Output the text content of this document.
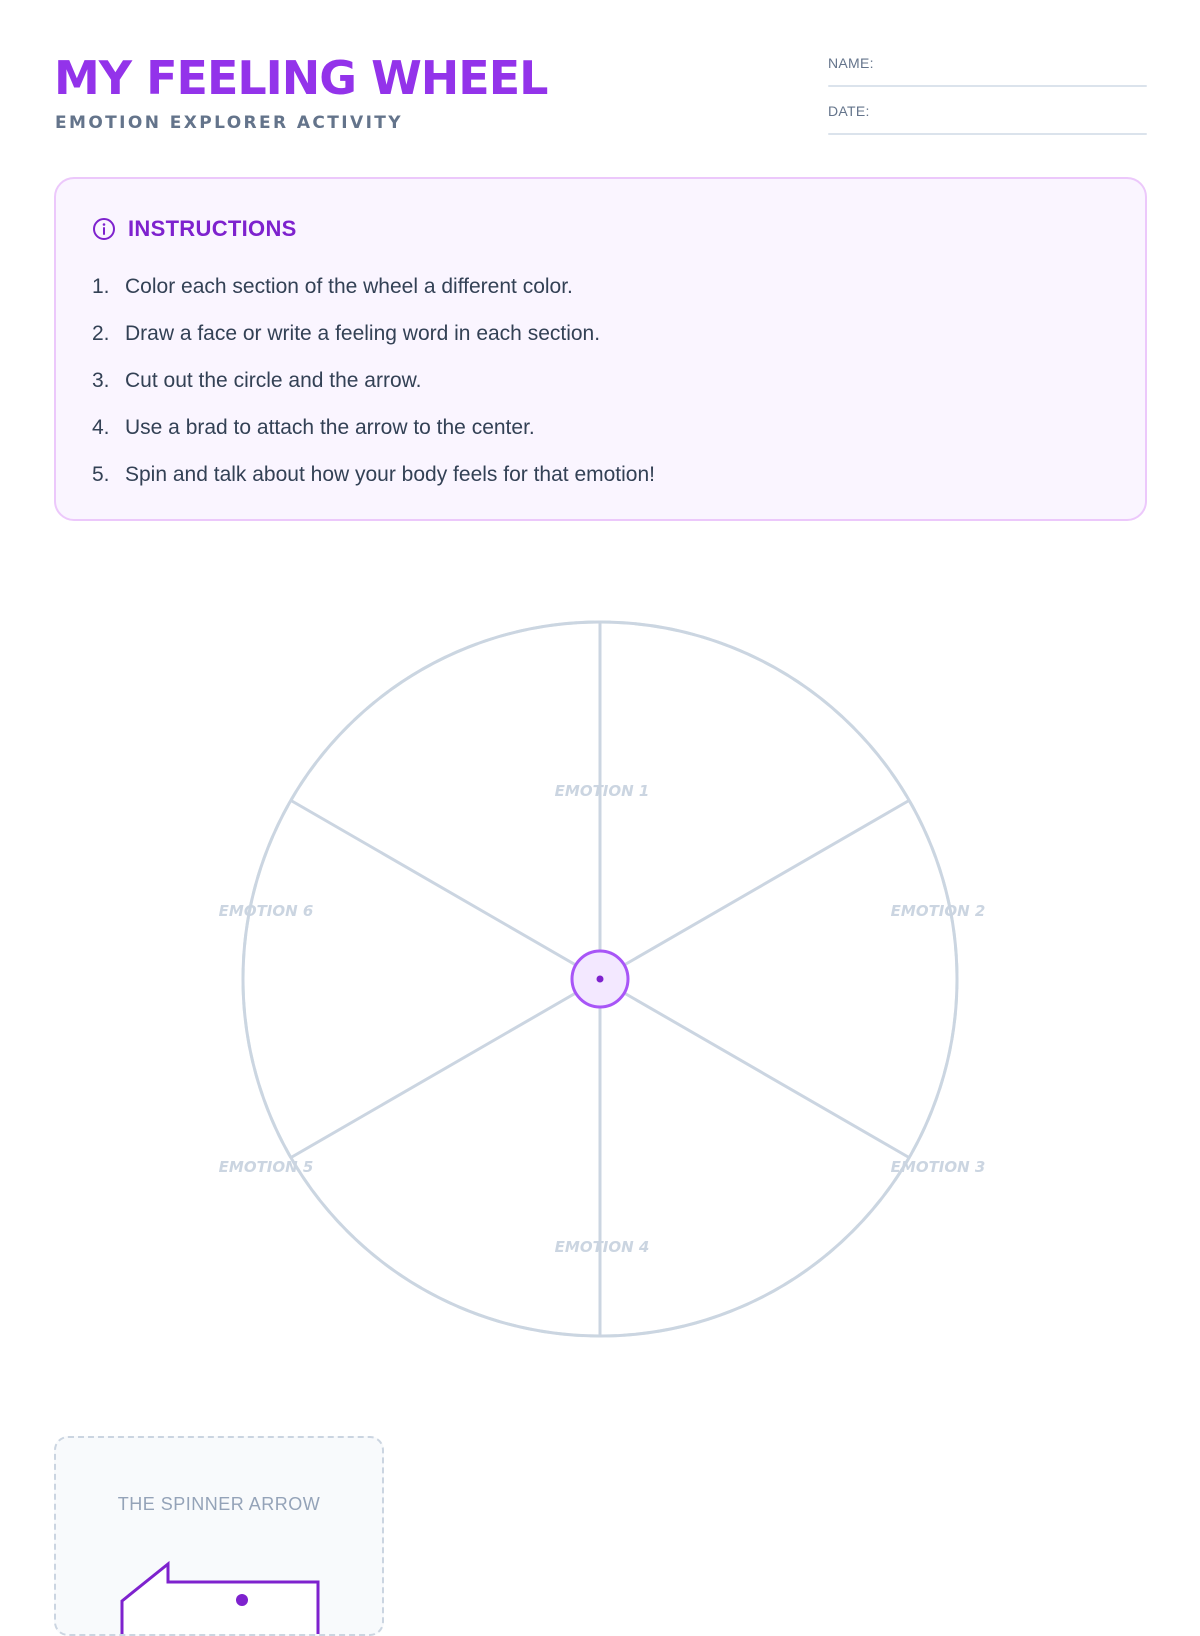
MY FEELING WHEEL
EMOTION EXPLORER ACTIVITY
NAME:
DATE:
INSTRUCTIONS
1. Color each section of the wheel a different color.
2. Draw a face or write a feeling word in each section.
3. Cut out the circle and the arrow.
4. Use a brad to attach the arrow to the center.
5. Spin and talk about how your body feels for that emotion!
EMOTION 1
EMOTION 2
EMOTION 3
EMOTION 4
EMOTION 5
EMOTION 6
THE SPINNER ARROW
